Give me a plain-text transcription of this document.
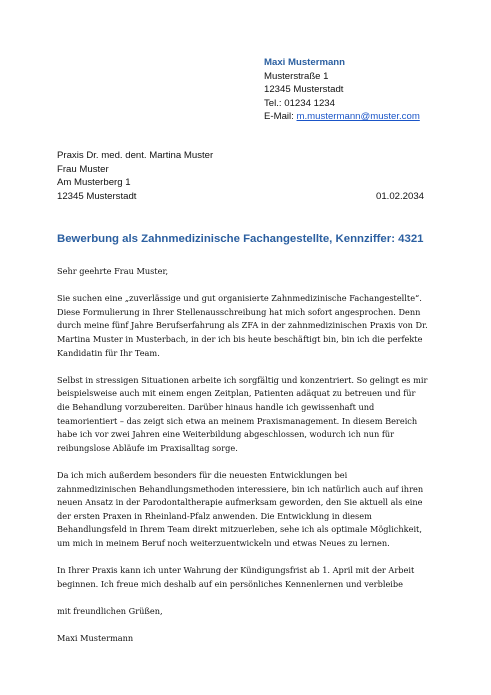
Maxi Mustermann
Musterstraße 1
12345 Musterstadt
Tel.: 01234 1234
E-Mail: m.mustermann@muster.com
Praxis Dr. med. dent. Martina Muster
Frau Muster
Am Musterberg 1
12345 Musterstadt	01.02.2034
Bewerbung als Zahnmedizinische Fachangestellte, Kennziffer: 4321
Sehr geehrte Frau Muster,
Sie suchen eine „zuverlässige und gut organisierte Zahnmedizinische Fachangestellte“.
Diese Formulierung in Ihrer Stellenausschreibung hat mich sofort angesprochen. Denn
durch meine fünf Jahre Berufserfahrung als ZFA in der zahnmedizinischen Praxis von Dr.
Martina Muster in Musterbach, in der ich bis heute beschäftigt bin, bin ich die perfekte
Kandidatin für Ihr Team.
Selbst in stressigen Situationen arbeite ich sorgfältig und konzentriert. So gelingt es mir
beispielsweise auch mit einem engen Zeitplan, Patienten adäquat zu betreuen und für
die Behandlung vorzubereiten. Darüber hinaus handle ich gewissenhaft und
teamorientiert – das zeigt sich etwa an meinem Praxismanagement. In diesem Bereich
habe ich vor zwei Jahren eine Weiterbildung abgeschlossen, wodurch ich nun für
reibungslose Abläufe im Praxisalltag sorge.
Da ich mich außerdem besonders für die neuesten Entwicklungen bei
zahnmedizinischen Behandlungsmethoden interessiere, bin ich natürlich auch auf ihren
neuen Ansatz in der Parodontaltherapie aufmerksam geworden, den Sie aktuell als eine
der ersten Praxen in Rheinland-Pfalz anwenden. Die Entwicklung in diesem
Behandlungsfeld in Ihrem Team direkt mitzuerleben, sehe ich als optimale Möglichkeit,
um mich in meinem Beruf noch weiterzuentwickeln und etwas Neues zu lernen.
In Ihrer Praxis kann ich unter Wahrung der Kündigungsfrist ab 1. April mit der Arbeit
beginnen. Ich freue mich deshalb auf ein persönliches Kennenlernen und verbleibe
mit freundlichen Grüßen,
Maxi Mustermann
